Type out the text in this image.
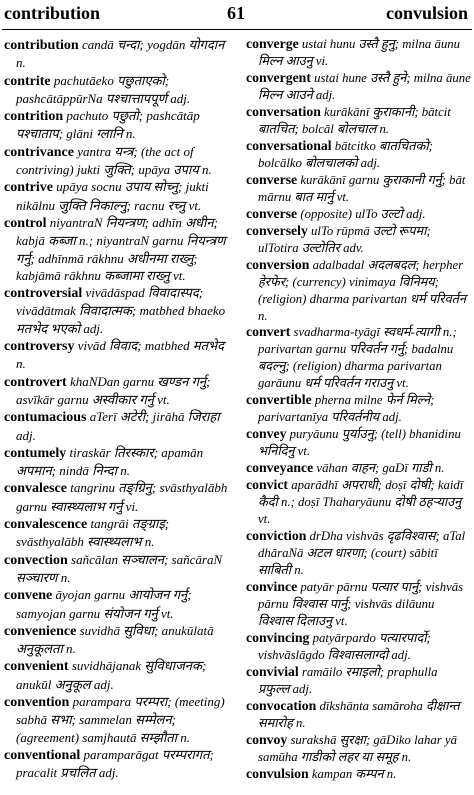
contribution	61	convulsion

contribution candā चन्दा; yogdān योगदान n.

contrite pachutāeko पछुताएको; pashcātāppūrNa पश्चात्तापपूर्ण adj.

contrition pachuto पछुतो; pashcātāp पश्चाताप; glāni ग्लानि n.

contrivance yantra यन्त्र; (the act of contriving) jukti जुक्ति; upāya उपाय n.

contrive upāya socnu उपाय सोच्नु; jukti nikālnu जुक्ति निकाल्नु; racnu रच्नु vt.

control niyantraN नियन्त्रण; adhīn अधीन; kabjā कब्जा n.; niyantraN garnu नियन्त्रण गर्नु; adhīnmā rākhnu अधीनमा राख्नु; kabjāmā rākhnu कब्जामा राख्नु vt.

controversial vivādāspad विवादास्पद; vivādātmak विवादात्मक; matbhed bhaeko मतभेद भएको adj.

controversy vivād विवाद; matbhed मतभेद n.

controvert khaNDan garnu खण्डन गर्नु; asvīkār garnu अस्वीकार गर्नु vt.

contumacious aTerī अटेरी; jirāhā जिराहा adj.

contumely tiraskār तिरस्कार; apamān अपमान; nindā निन्दा n.

convalesce tangrinu तङ्ग्रिनु; svāsthyalābh garnu स्वास्थ्यलाभ गर्नु vi.

convalescence tangrāi तङ्ग्राइ; svāsthyalābh स्वास्थ्यलाभ n.

convection sañcālan सञ्चालन; sañcāraN सञ्चारण n.

convene āyojan garnu आयोजन गर्नु; samyojan garnu संयोजन गर्नु vt.

convenience suvidhā सुविधा; anukūlatā अनुकूलता n.

convenient suvidhājanak सुविधाजनक; anukūl अनुकूल adj.

convention parampara परम्परा; (meeting) sabhā सभा; sammelan सम्मेलन; (agreement) samjhautā सम्झौता n.

conventional paramparāgat परम्परागत; pracalit प्रचलित adj.

converge ustai hunu उस्तै हुनु; milna āunu मिल्न आउनु vi.

convergent ustai hune उस्तै हुने; milna āune मिल्न आउने adj.

conversation kurākānī कुराकानी; bātcit बातचित; bolcāl बोलचाल n.

conversational bātcitko बातचितको; bolcālko बोलचालको adj.

converse kurākānī garnu कुराकानी गर्नु; bāt mārnu बात मार्नु vt.

converse (opposite) ulTo उल्टो adj.

conversely ulTo rūpmā उल्टो रूपमा; ulTotira उल्टोतिर adv.

conversion adalbadal अदलबदल; herpher हेरफेर; (currency) vinimaya विनिमय; (religion) dharma parivartan धर्म परिवर्तन n.

convert svadharma-tyāgī स्वधर्म-त्यागी n.; parivartan garnu परिवर्तन गर्नु; badalnu बदल्नु; (religion) dharma parivartan garāunu धर्म परिवर्तन गराउनु vt.

convertible pherna milne फेर्न मिल्ने; parivartanīya परिवर्तनीय adj.

convey puryāunu पुर्याउनु; (tell) bhanidinu भनिदिनु vt.

conveyance vāhan वाहन; gaDī गाडी n.

convict aparādhī अपराधी; doṣī दोषी; kaidī कैदी n.; doṣī Thaharyāunu दोषी ठहऱ्याउनु vt.

conviction drDha vishvās दृढविश्वास; aTal dhāraNā अटल धारणा; (court) sābitī साबिती n.

convince patyār pārnu पत्यार पार्नु; vishvās pārnu विश्वास पार्नु; vishvās dilāunu विश्वास दिलाउनु vt.

convincing patyārpardo पत्यारपार्दो; vishvāslāgdo विश्वासलाग्दो adj.

convivial ramāilo रमाइलो; praphulla प्रफुल्ल adj.

convocation dīkshānta samāroha दीक्षान्त समारोह n.

convoy surakshā सुरक्षा; gāDiko lahar yā samūha गाडीको लहर या समूह n.

convulsion kampan कम्पन n.
